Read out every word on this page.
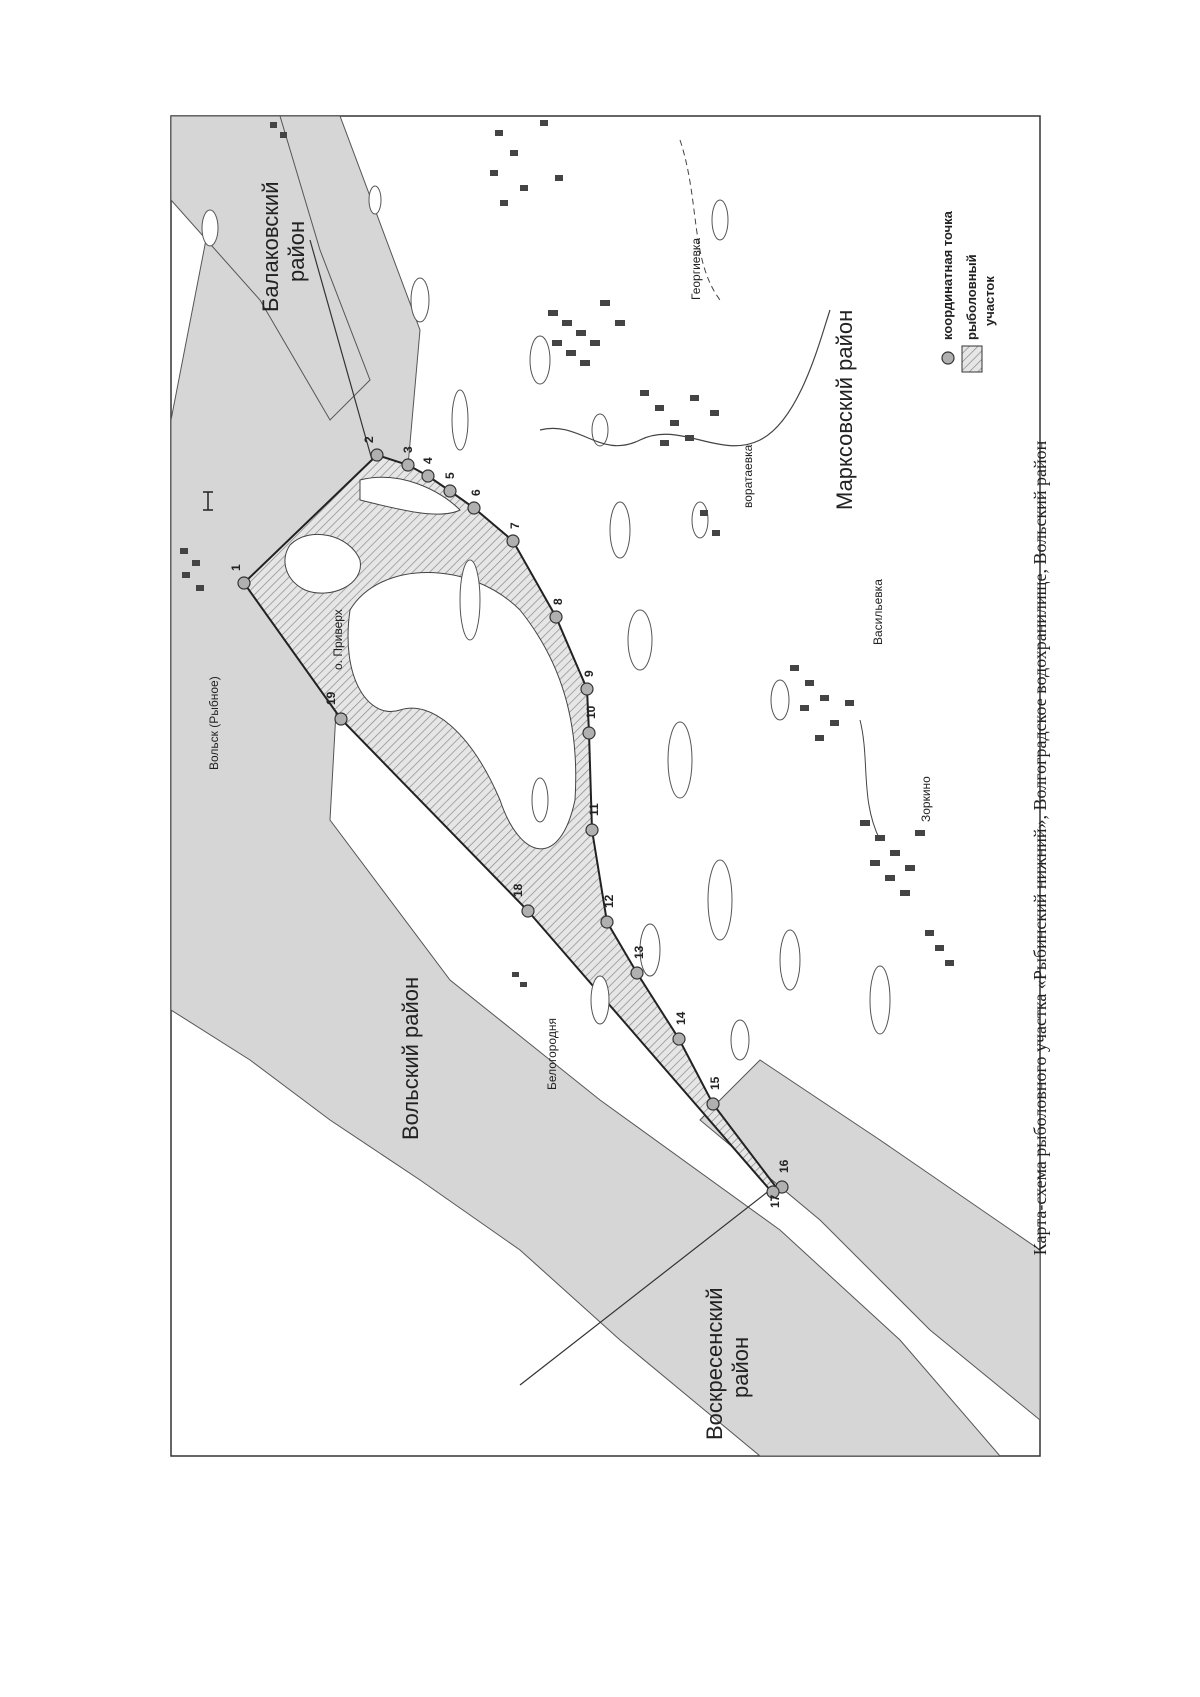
1
2
3
4
5
6
7
8
9
10
11
12
13
14
15
16
17
18
19
Балаковский район
Вольский район
Воскресенский район
Марксовский район
Вольск (Рыбное)
Белогородня
Георгиевка
воратаевка
Васильевка
Зоркино
о. Приверх
координатная точка рыболовный участок
Карта-схема рыболовного участка «Рыбинский нижний», Волгоградское водохранилище, Вольский район
